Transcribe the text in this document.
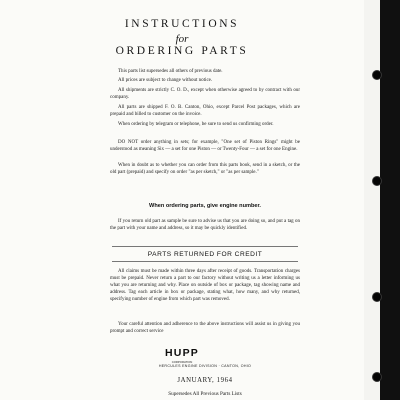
INSTRUCTIONS
for
ORDERING PARTS

This parts list supersedes all others of previous date.

All prices are subject to change without notice.

All shipments are strictly C. O. D., except when otherwise agreed to by contract with our company.

All parts are shipped F. O. B. Canton, Ohio, except Parcel Post packages, which are prepaid and billed to customer on the invoice.

When ordering by telegram or telephone, be sure to send us confirming order.

DO NOT order anything in sets; for example, "One set of Piston Rings" might be understood as meaning Six — a set for one Piston — or Twenty-Four — a set for one Engine.

When in doubt as to whether you can order from this parts book, send in a sketch, or the old part (prepaid) and specify on order "as per sketch," or "as per sample."

When ordering parts, give engine number.

If you return old part as sample be sure to advise us that you are doing so, and put a tag on the part with your name and address, so it may be quickly identified.

PARTS RETURNED FOR CREDIT

All claims must be made within three days after receipt of goods. Transportation charges must be prepaid. Never return a part to our factory without writing us a letter informing us what you are returning and why. Place on outside of box or package, tag showing name and address. Tag each article in box or package, stating what, how many, and why returned, specifying number of engine from which part was removed.

Your careful attention and adherence to the above instructions will assist us in giving you prompt and correct service

HUPP
CORPORATION
HERCULES ENGINE DIVISION · CANTON, OHIO
JANUARY, 1964
Supersedes All Previous Parts Lists
